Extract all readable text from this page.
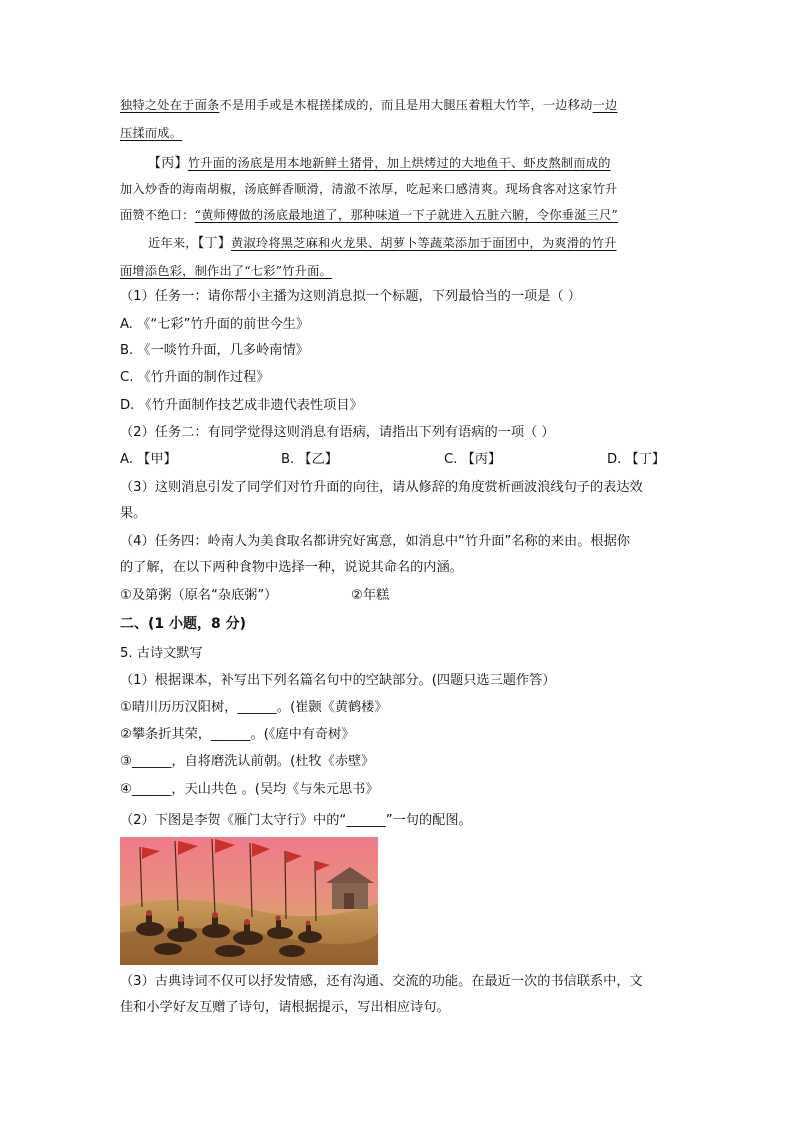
独特之处在于面条不是用手或是木棍搓揉成的，而且是用大腿压着粗大竹竿，一边移动一边
压揉而成。
【丙】竹升面的汤底是用本地新鲜土猪骨，加上烘烤过的大地鱼干、虾皮熬制而成的
加入炒香的海南胡椒，汤底鲜香顺滑，清澈不浓厚，吃起来口感清爽。现场食客对这家竹升
面赞不绝口：“黄师傅做的汤底最地道了，那种味道一下子就进入五脏六腑，令你垂涎三尺”
近年来，【丁】黄淑玲将黑芝麻和火龙果、胡萝卜等蔬菜添加于面团中，为爽滑的竹升
面增添色彩，制作出了“七彩”竹升面。
（1）任务一：请你帮小主播为这则消息拟一个标题，下列最恰当的一项是（ ）
A. 《“七彩”竹升面的前世今生》
B. 《一啖竹升面，几多岭南情》
C. 《竹升面的制作过程》
D. 《竹升面制作技艺成非遗代表性项目》
（2）任务二：有同学觉得这则消息有语病，请指出下列有语病的一项（ ）
A. 【甲】	B. 【乙】	C. 【丙】	D. 【丁】
（3）这则消息引发了同学们对竹升面的向往，请从修辞的角度赏析画波浪线句子的表达效
果。
（4）任务四：岭南人为美食取名都讲究好寓意，如消息中“竹升面”名称的来由。根据你
的了解，在以下两种食物中选择一种，说说其命名的内涵。
①及第粥（原名“杂底粥”）	②年糕
二、(1 小题，8 分)
5. 古诗文默写
（1）根据课本，补写出下列名篇名句中的空缺部分。(四题只选三题作答）
①晴川历历汉阳树，______。(崔颢《黄鹤楼》
②攀条折其荣，______。(《庭中有奇树》
③______，自将磨洗认前朝。(杜牧《赤壁》
④______，天山共色 。(吴均《与朱元思书》
（2）下图是李贺《雁门太守行》中的“______”一句的配图。
（3）古典诗词不仅可以抒发情感，还有沟通、交流的功能。在最近一次的书信联系中，文
佳和小学好友互赠了诗句，请根据提示，写出相应诗句。
